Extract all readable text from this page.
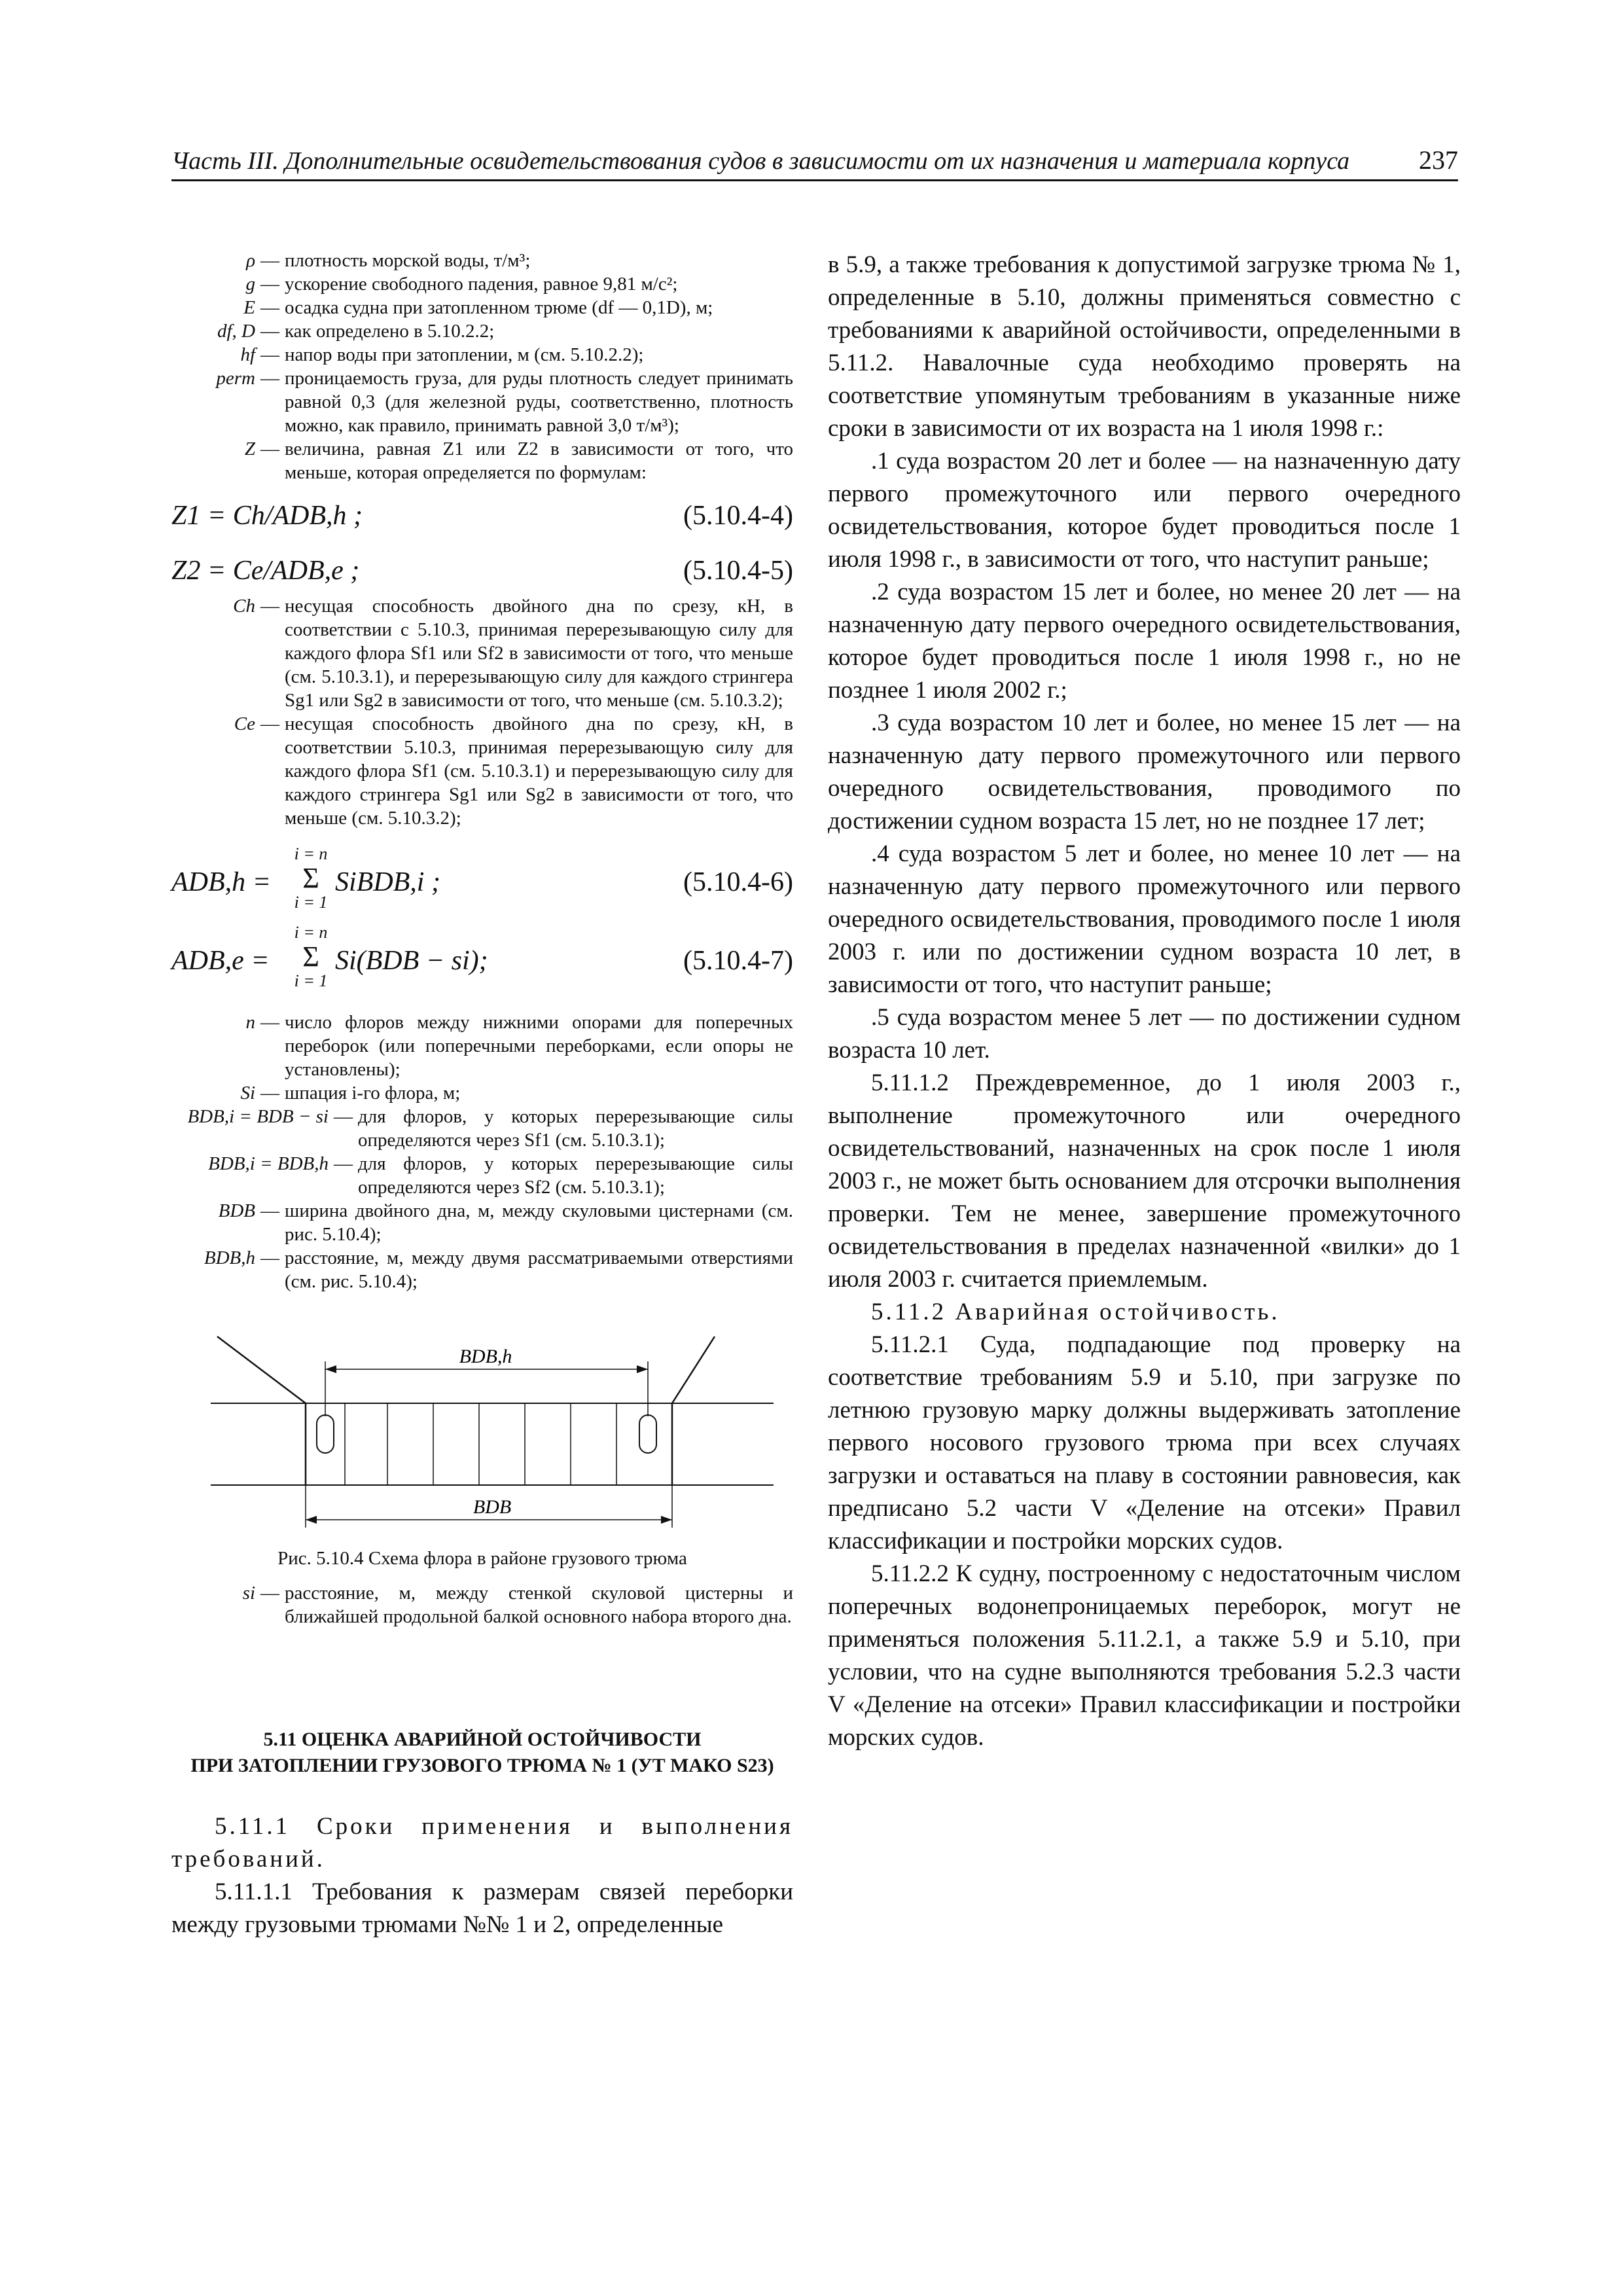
Часть III. Дополнительные освидетельствования судов в зависимости от их назначения и материала корпуса	237
ρ — плотность морской воды, т/м³;
g — ускорение свободного падения, равное 9,81 м/с²;
E — осадка судна при затопленном трюме (df — 0,1D), м;
df, D — как определено в 5.10.2.2;
hf — напор воды при затоплении, м (см. 5.10.2.2);
perm — проницаемость груза, для руды плотность следует принимать равной 0,3 (для железной руды, соответственно, плотность можно, как правило, принимать равной 3,0 т/м³);
Z — величина, равная Z1 или Z2 в зависимости от того, что меньше, которая определяется по формулам:
Z1 = Ch/ADB,h ;	(5.10.4-4)
Z2 = Ce/ADB,e ;	(5.10.4-5)
Ch — несущая способность двойного дна по срезу, кН, в соответствии с 5.10.3, принимая перерезывающую силу для каждого флора Sf1 или Sf2 в зависимости от того, что меньше (см. 5.10.3.1), и перерезывающую силу для каждого стрингера Sg1 или Sg2 в зависимости от того, что меньше (см. 5.10.3.2);
Ce — несущая способность двойного дна по срезу, кН, в соответствии 5.10.3, принимая перерезывающую силу для каждого флора Sf1 (см. 5.10.3.1) и перерезывающую силу для каждого стрингера Sg1 или Sg2 в зависимости от того, что меньше (см. 5.10.3.2);
ADB,h =
i = n
Σ
i = 1
SiBDB,i ;	(5.10.4-6)
ADB,e =
i = n
Σ
i = 1
Si(BDB − si);	(5.10.4-7)
n — число флоров между нижними опорами для поперечных переборок (или поперечными переборками, если опоры не установлены);
Si — шпация i-го флора, м;
BDB,i = BDB − si — для флоров, у которых перерезывающие силы определяются через Sf1 (см. 5.10.3.1);
BDB,i = BDB,h — для флоров, у которых перерезывающие силы определяются через Sf2 (см. 5.10.3.1);
BDB — ширина двойного дна, м, между скуловыми цистернами (см. рис. 5.10.4);
BDB,h — расстояние, м, между двумя рассматриваемыми отверстиями (см. рис. 5.10.4);
BDB,h
BDB
Рис. 5.10.4 Схема флора в районе грузового трюма
si — расстояние, м, между стенкой скуловой цистерны и ближайшей продольной балкой основного набора второго дна.
5.11 ОЦЕНКА АВАРИЙНОЙ ОСТОЙЧИВОСТИ
ПРИ ЗАТОПЛЕНИИ ГРУЗОВОГО ТРЮМА № 1 (УТ МАКО S23)

5.11.1 Сроки применения и выполнения требований.

5.11.1.1 Требования к размерам связей переборки между грузовыми трюмами №№ 1 и 2, определенные

в 5.9, а также требования к допустимой загрузке трюма № 1, определенные в 5.10, должны применяться совместно с требованиями к аварийной остойчивости, определенными в 5.11.2. Навалочные суда необходимо проверять на соответствие упомянутым требованиям в указанные ниже сроки в зависимости от их возраста на 1 июля 1998 г.:

.1 суда возрастом 20 лет и более — на назначенную дату первого промежуточного или первого очередного освидетельствования, которое будет проводиться после 1 июля 1998 г., в зависимости от того, что наступит раньше;

.2 суда возрастом 15 лет и более, но менее 20 лет — на назначенную дату первого очередного освидетельствования, которое будет проводиться после 1 июля 1998 г., но не позднее 1 июля 2002 г.;

.3 суда возрастом 10 лет и более, но менее 15 лет — на назначенную дату первого промежуточного или первого очередного освидетельствования, проводимого по достижении судном возраста 15 лет, но не позднее 17 лет;

.4 суда возрастом 5 лет и более, но менее 10 лет — на назначенную дату первого промежуточного или первого очередного освидетельствования, проводимого после 1 июля 2003 г. или по достижении судном возраста 10 лет, в зависимости от того, что наступит раньше;

.5 суда возрастом менее 5 лет — по достижении судном возраста 10 лет.

5.11.1.2 Преждевременное, до 1 июля 2003 г., выполнение промежуточного или очередного освидетельствований, назначенных на срок после 1 июля 2003 г., не может быть основанием для отсрочки выполнения проверки. Тем не менее, завершение промежуточного освидетельствования в пределах назначенной «вилки» до 1 июля 2003 г. считается приемлемым.

5.11.2 Аварийная остойчивость.

5.11.2.1 Суда, подпадающие под проверку на соответствие требованиям 5.9 и 5.10, при загрузке по летнюю грузовую марку должны выдерживать затопление первого носового грузового трюма при всех случаях загрузки и оставаться на плаву в состоянии равновесия, как предписано 5.2 части V «Деление на отсеки» Правил классификации и постройки морских судов.

5.11.2.2 К судну, построенному с недостаточным числом поперечных водонепроницаемых переборок, могут не применяться положения 5.11.2.1, а также 5.9 и 5.10, при условии, что на судне выполняются требования 5.2.3 части V «Деление на отсеки» Правил классификации и постройки морских судов.
